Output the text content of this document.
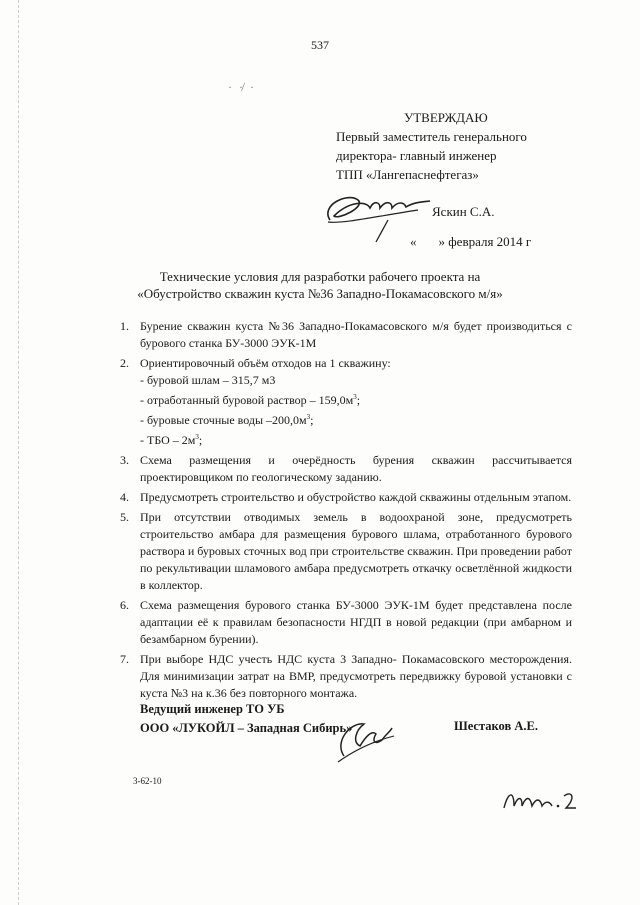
537
· ·̸ ·
УТВЕРЖДАЮ
Первый заместитель генерального
директора- главный инженер
ТПП «Лангепаснефтегаз»
Яскин С.А.
« » февраля 2014 г
Технические условия для разработки рабочего проекта на
«Обустройство скважин куста №36 Западно-Покамасовского м/я»
1. Бурение скважин куста №36 Западно-Покамасовского м/я будет производиться с бурового станка БУ-3000 ЭУК-1М
2. Ориентировочный объём отходов на 1 скважину:
- буровой шлам – 315,7 м3
- отработанный буровой раствор – $159,0м^3$;
- буровые сточные воды $-200,0м^3$;
- ТБО – $2м^3$;
3. Схема размещения и очерёдность бурения скважин рассчитывается проектировщиком по геологическому заданию.
4. Предусмотреть строительство и обустройство каждой скважины отдельным этапом.
5. При отсутствии отводимых земель в водоохраной зоне, предусмотреть строительство амбара для размещения бурового шлама, отработанного бурового раствора и буровых сточных вод при строительстве скважин. При проведении работ по рекультивации шламового амбара предусмотреть откачку осветлённой жидкости в коллектор.
6. Схема размещения бурового станка БУ-3000 ЭУК-1М будет представлена после адаптации её к правилам безопасности НГДП в новой редакции (при амбарном и безамбарном бурении).
7. При выборе НДС учесть НДС куста 3 Западно- Покамасовского месторождения. Для минимизации затрат на ВМР, предусмотреть передвижку буровой установки с куста №3 на к.36 без повторного монтажа.
Ведущий инженер ТО УБ
ООО «ЛУКОЙЛ – Западная Сибирь»	Шестаков А.Е.
3-62-10
